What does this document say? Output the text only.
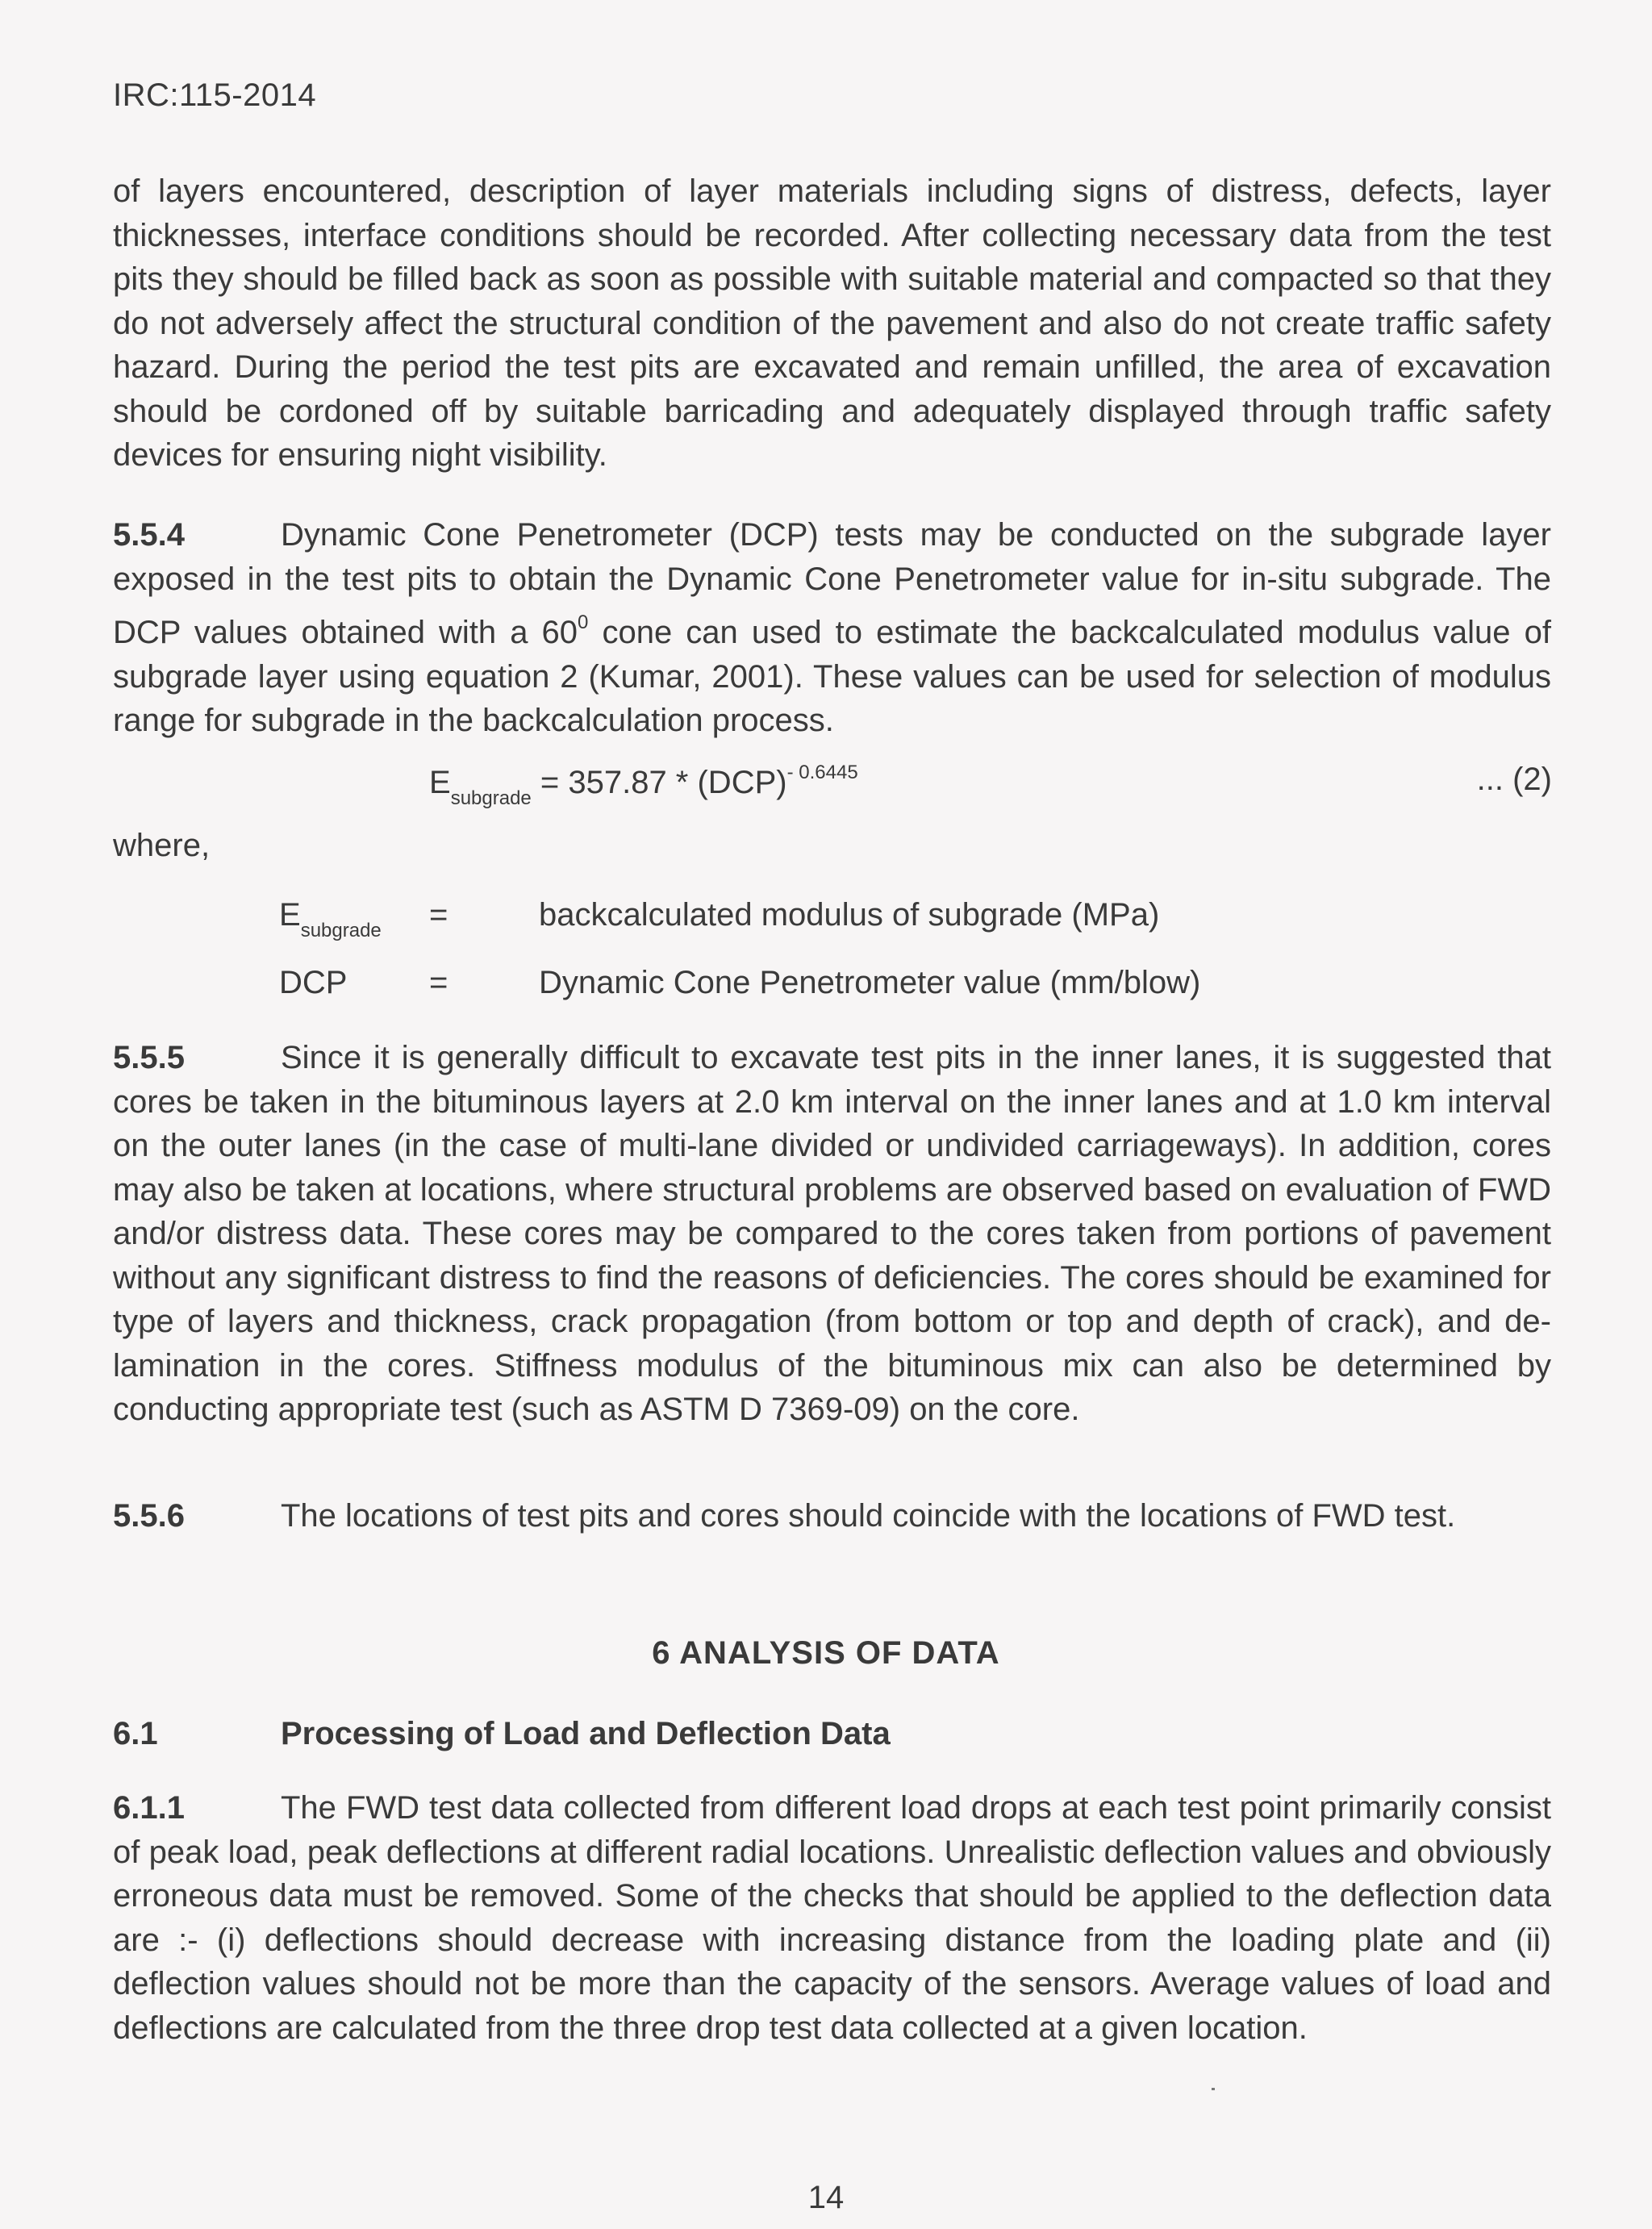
IRC:115-2014

of layers encountered, description of layer materials including signs of distress, defects, layer thicknesses, interface conditions should be recorded. After collecting necessary data from the test pits they should be filled back as soon as possible with suitable material and compacted so that they do not adversely affect the structural condition of the pavement and also do not create traffic safety hazard. During the period the test pits are excavated and remain unfilled, the area of excavation should be cordoned off by suitable barricading and adequately displayed through traffic safety devices for ensuring night visibility.

5.5.4	Dynamic Cone Penetrometer (DCP) tests may be conducted on the subgrade layer exposed in the test pits to obtain the Dynamic Cone Penetrometer value for in-situ subgrade. The DCP values obtained with a $60^0$ cone can used to estimate the backcalculated modulus value of subgrade layer using equation 2 (Kumar, 2001). These values can be used for selection of modulus range for subgrade in the backcalculation process.

$E_{subgrade} = 357.87 * (DCP)^{- 0.6445}$	... (2)
where,
$E_{subgrade}$ =	backcalculated modulus of subgrade (MPa)
DCP	=	Dynamic Cone Penetrometer value (mm/blow)

5.5.5	Since it is generally difficult to excavate test pits in the inner lanes, it is suggested that cores be taken in the bituminous layers at 2.0 km interval on the inner lanes and at 1.0 km interval on the outer lanes (in the case of multi-lane divided or undivided carriageways). In addition, cores may also be taken at locations, where structural problems are observed based on evaluation of FWD and/or distress data. These cores may be compared to the cores taken from portions of pavement without any significant distress to find the reasons of deficiencies. The cores should be examined for type of layers and thickness, crack propagation (from bottom or top and depth of crack), and de-lamination in the cores. Stiffness modulus of the bituminous mix can also be determined by conducting appropriate test (such as ASTM D 7369-09) on the core.

5.5.6	The locations of test pits and cores should coincide with the locations of FWD test.

6 ANALYSIS OF DATA
6.1	Processing of Load and Deflection Data

6.1.1	The FWD test data collected from different load drops at each test point primarily consist of peak load, peak deflections at different radial locations. Unrealistic deflection values and obviously erroneous data must be removed. Some of the checks that should be applied to the deflection data are :- (i) deflections should decrease with increasing distance from the loading plate and (ii) deflection values should not be more than the capacity of the sensors. Average values of load and deflections are calculated from the three drop test data collected at a given location.

14
